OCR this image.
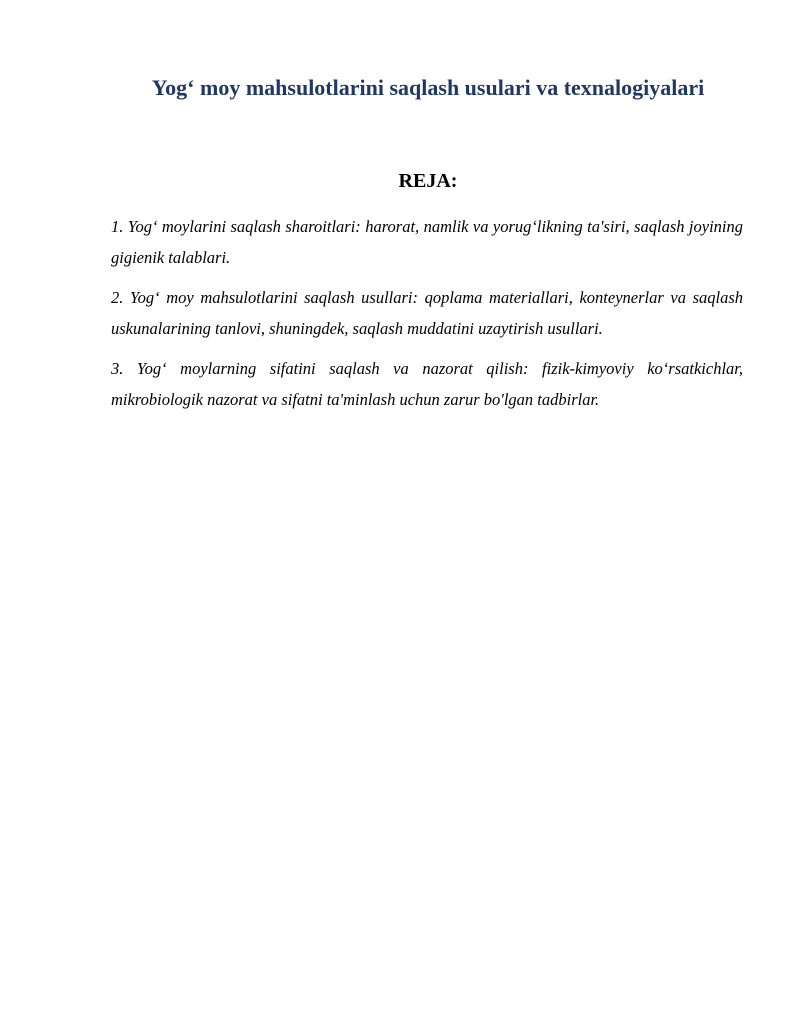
Yog‘ moy mahsulotlarini saqlash usulari va texnalogiyalari
REJA:
1. Yog‘ moylarini saqlash sharoitlari: harorat, namlik va yorug‘likning ta'siri, saqlash joyining gigienik talablari.
2. Yog‘ moy mahsulotlarini saqlash usullari: qoplama materiallari, konteynerlar va saqlash uskunalarining tanlovi, shuningdek, saqlash muddatini uzaytirish usullari.
3. Yog‘ moylarning sifatini saqlash va nazorat qilish: fizik-kimyoviy ko‘rsatkichlar, mikrobiologik nazorat va sifatni ta'minlash uchun zarur bo'lgan tadbirlar.
